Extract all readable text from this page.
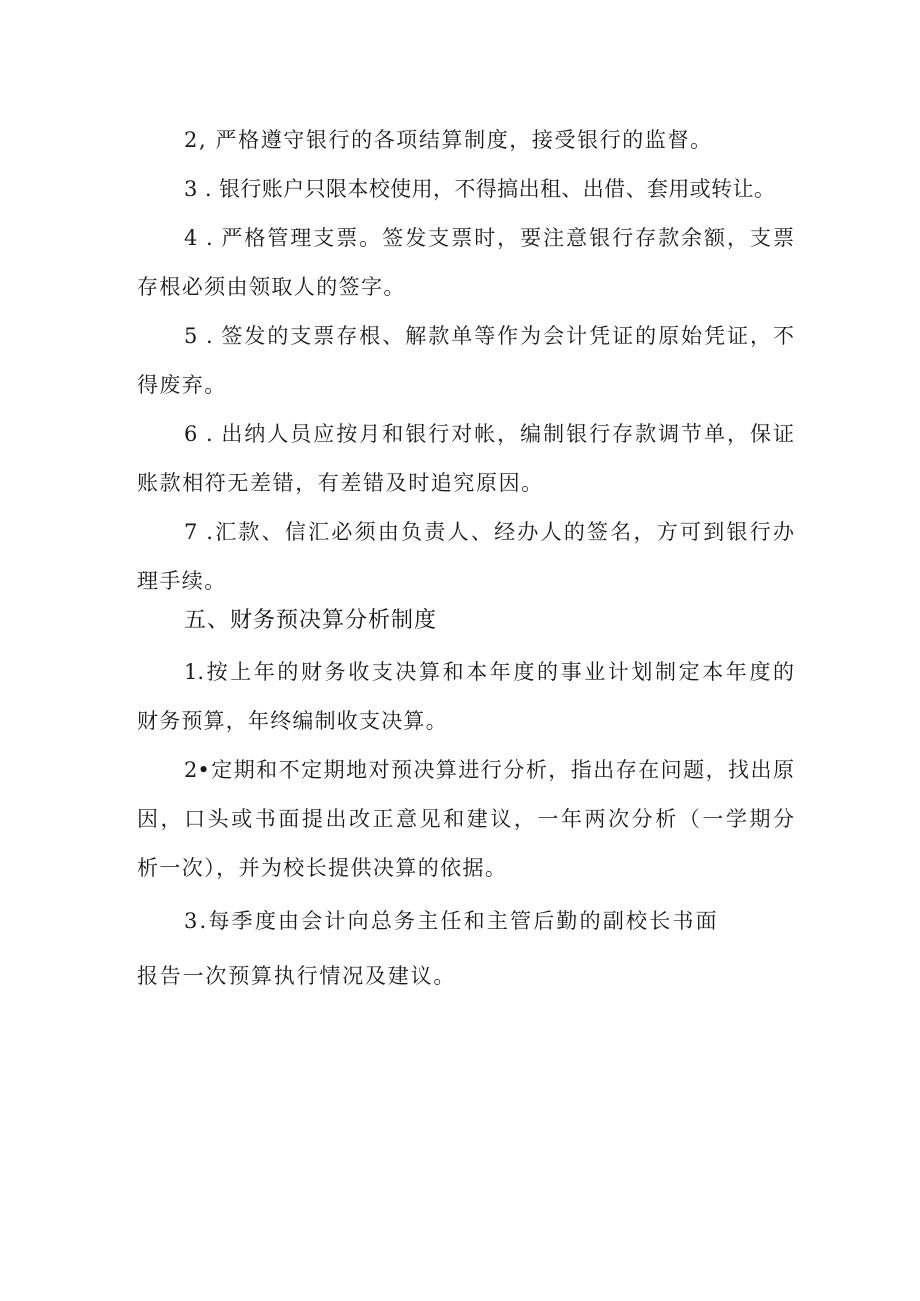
2, 严格遵守银行的各项结算制度，接受银行的监督。
3 . 银行账户只限本校使用，不得搞出租、出借、套用或转让。
4 . 严格管理支票。签发支票时，要注意银行存款余额，支票
存根必须由领取人的签字。
5 . 签发的支票存根、解款单等作为会计凭证的原始凭证，不
得废弃。
6 . 出纳人员应按月和银行对帐，编制银行存款调节单，保证
账款相符无差错，有差错及时追究原因。
7 .汇款、信汇必须由负责人、经办人的签名，方可到银行办
理手续。
五、财务预决算分析制度
1.按上年的财务收支决算和本年度的事业计划制定本年度的
财务预算，年终编制收支决算。
2•定期和不定期地对预决算进行分析，指出存在问题，找出原
因，口头或书面提出改正意见和建议，一年两次分析（一学期分
析一次），并为校长提供决算的依据。
3.每季度由会计向总务主任和主管后勤的副校长书面
报告一次预算执行情况及建议。
